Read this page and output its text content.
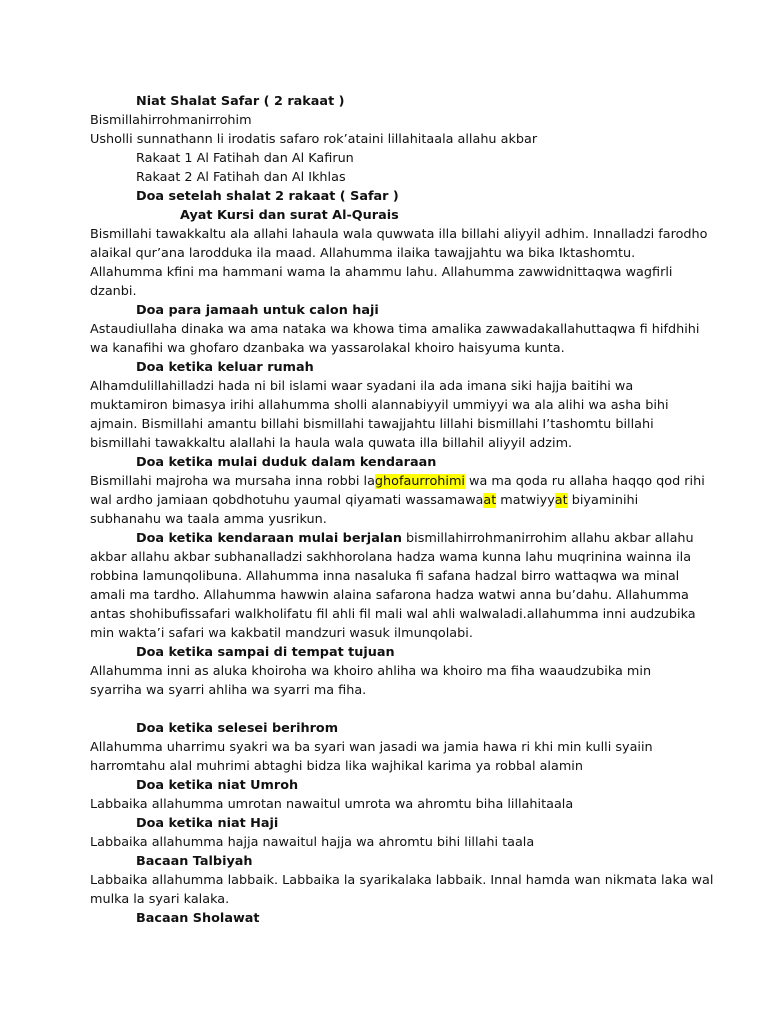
Niat Shalat Safar ( 2 rakaat )
Bismillahirrohmanirrohim
Usholli sunnathann li irodatis safaro rok’ataini lillahitaala allahu akbar
Rakaat 1 Al Fatihah dan Al Kafirun
Rakaat 2 Al Fatihah dan Al Ikhlas
Doa setelah shalat 2 rakaat ( Safar )
Ayat Kursi dan surat Al-Qurais
Bismillahi tawakkaltu ala allahi lahaula wala quwwata illa billahi aliyyil adhim. Innalladzi farodho
alaikal qur’ana larodduka ila maad. Allahumma ilaika tawajjahtu wa bika Iktashomtu.
Allahumma kfini ma hammani wama la ahammu lahu. Allahumma zawwidnittaqwa wagfirli
dzanbi.
Doa para jamaah untuk calon haji
Astaudiullaha dinaka wa ama nataka wa khowa tima amalika zawwadakallahuttaqwa fi hifdhihi
wa kanafihi wa ghofaro dzanbaka wa yassarolakal khoiro haisyuma kunta.
Doa ketika keluar rumah
Alhamdulillahilladzi hada ni bil islami waar syadani ila ada imana siki hajja baitihi wa
muktamiron bimasya irihi allahumma sholli alannabiyyil ummiyyi wa ala alihi wa asha bihi
ajmain. Bismillahi amantu billahi bismillahi tawajjahtu lillahi bismillahi I’tashomtu billahi
bismillahi tawakkaltu alallahi la haula wala quwata illa billahil aliyyil adzim.
Doa ketika mulai duduk dalam kendaraan
Bismillahi majroha wa mursaha inna robbi laghofaurrohimi wa ma qoda ru allaha haqqo qod rihi
wal ardho jamiaan qobdhotuhu yaumal qiyamati wassamawaat matwiyyat biyaminihi
subhanahu wa taala amma yusrikun.
Doa ketika kendaraan mulai berjalan bismillahirrohmanirrohim allahu akbar allahu
akbar allahu akbar subhanalladzi sakhhorolana hadza wama kunna lahu muqrinina wainna ila
robbina lamunqolibuna. Allahumma inna nasaluka fi safana hadzal birro wattaqwa wa minal
amali ma tardho. Allahumma hawwin alaina safarona hadza watwi anna bu’dahu. Allahumma
antas shohibufissafari walkholifatu fil ahli fil mali wal ahli walwaladi.allahumma inni audzubika
min wakta’i safari wa kakbatil mandzuri wasuk ilmunqolabi.
Doa ketika sampai di tempat tujuan
Allahumma inni as aluka khoiroha wa khoiro ahliha wa khoiro ma fiha waaudzubika min
syarriha wa syarri ahliha wa syarri ma fiha.
Doa ketika selesei berihrom
Allahumma uharrimu syakri wa ba syari wan jasadi wa jamia hawa ri khi min kulli syaiin
harromtahu alal muhrimi abtaghi bidza lika wajhikal karima ya robbal alamin
Doa ketika niat Umroh
Labbaika allahumma umrotan nawaitul umrota wa ahromtu biha lillahitaala
Doa ketika niat Haji
Labbaika allahumma hajja nawaitul hajja wa ahromtu bihi lillahi taala
Bacaan Talbiyah
Labbaika allahumma labbaik. Labbaika la syarikalaka labbaik. Innal hamda wan nikmata laka wal
mulka la syari kalaka.
Bacaan Sholawat
